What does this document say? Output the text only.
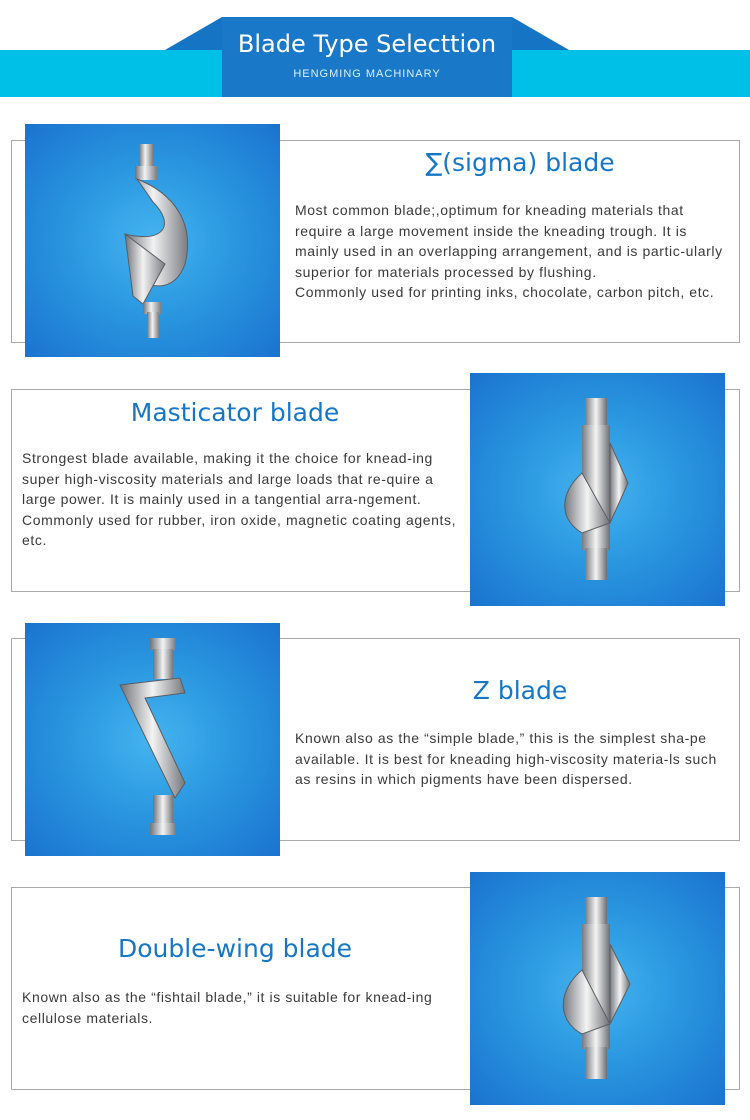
Blade Type Selecttion
HENGMING MACHINARY
∑(sigma) blade

Most common blade;,optimum for kneading materials that require a large movement inside the kneading trough. It is mainly used in an overlapping arrangement, and is partic-ularly superior for materials processed by flushing.

Commonly used for printing inks, chocolate, carbon pitch, etc.

Masticator blade

Strongest blade available, making it the choice for knead-ing super high-viscosity materials and large loads that re-quire a large power. It is mainly used in a tangential arra-ngement.

Commonly used for rubber, iron oxide, magnetic coating agents, etc.

Z blade

Known also as the “simple blade,” this is the simplest sha-pe available. It is best for kneading high-viscosity materia-ls such as resins in which pigments have been dispersed.

Double-wing blade

Known also as the “fishtail blade,” it is suitable for knead-ing cellulose materials.
